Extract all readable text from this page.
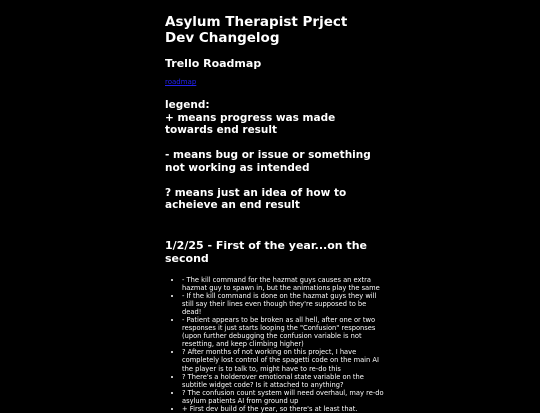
Asylum Therapist Prject
Dev Changelog
Trello Roadmap
roadmap

legend:

+ means progress was made

towards end result

- means bug or issue or something

not working as intended

? means just an idea of how to

acheieve an end result

1/2/25 - First of the year...on the
second
• - The kill command for the hazmat guys causes an extra hazmat guy to spawn in, but the animations play the same
• - If the kill command is done on the hazmat guys they will still say their lines even though they're supposed to be dead!
• - Patient appears to be broken as all hell, after one or two responses it just starts looping the "Confusion" responses (upon further debugging the confusion variable is not resetting, and keep climbing higher)
• ? After months of not working on this project, I have completely lost control of the spagetti code on the main AI the player is to talk to, might have to re-do this
• ? There's a holderover emotional state variable on the subtitle widget code? Is it attached to anything?
• ? The confusion count system will need overhaul, may re-do asylum patients AI from ground up
• + First dev build of the year, so there's at least that.
